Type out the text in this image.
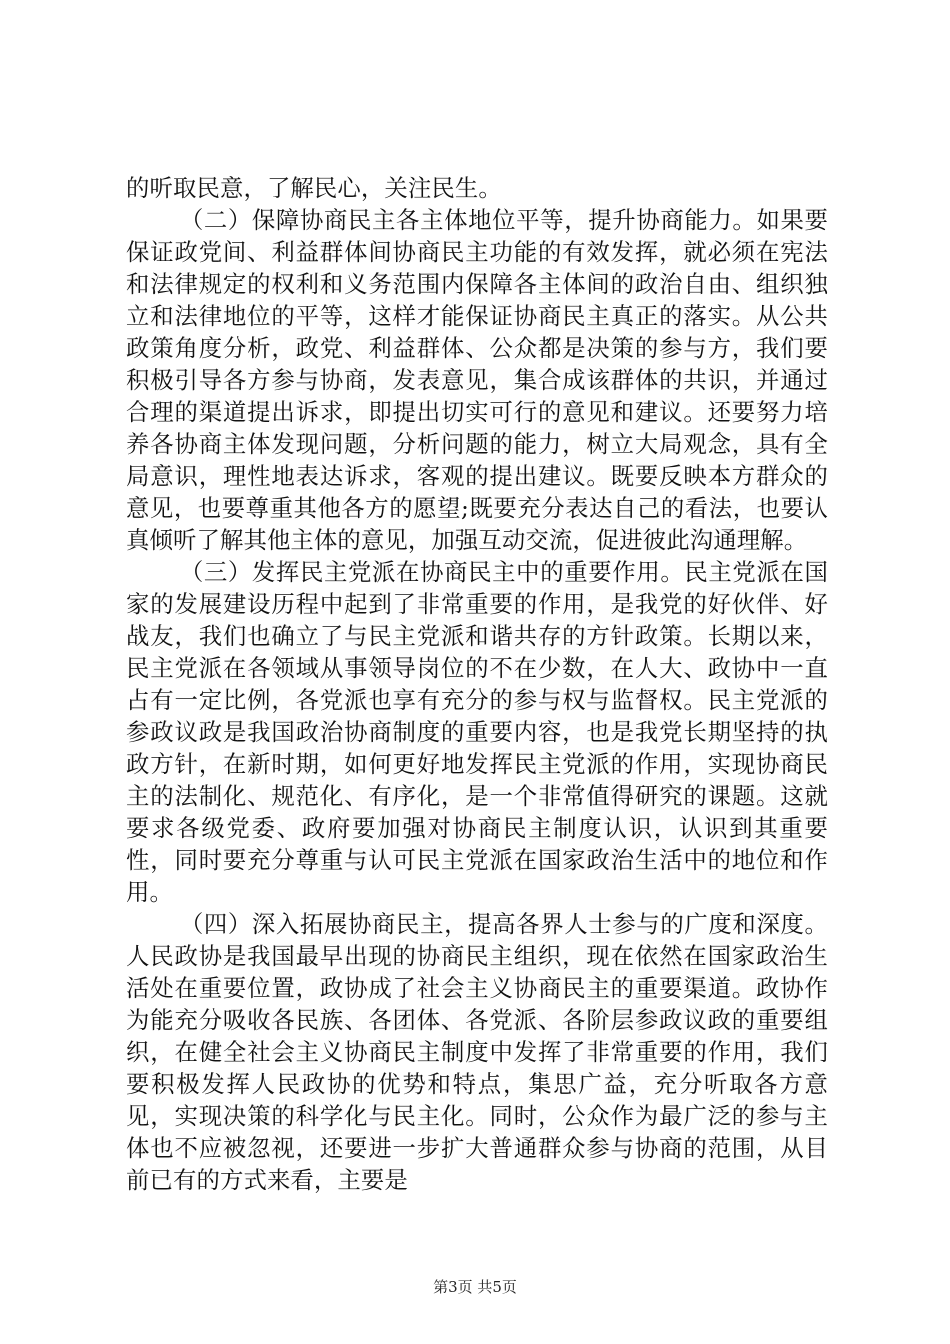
的听取民意，了解民心，关注民生。

（二）保障协商民主各主体地位平等，提升协商能力。如果要保证政党间、利益群体间协商民主功能的有效发挥，就必须在宪法和法律规定的权利和义务范围内保障各主体间的政治自由、组织独立和法律地位的平等，这样才能保证协商民主真正的落实。从公共政策角度分析，政党、利益群体、公众都是决策的参与方，我们要积极引导各方参与协商，发表意见，集合成该群体的共识，并通过合理的渠道提出诉求，即提出切实可行的意见和建议。还要努力培养各协商主体发现问题，分析问题的能力，树立大局观念，具有全局意识，理性地表达诉求，客观的提出建议。既要反映本方群众的意见，也要尊重其他各方的愿望;既要充分表达自己的看法，也要认真倾听了解其他主体的意见，加强互动交流，促进彼此沟通理解。

（三）发挥民主党派在协商民主中的重要作用。民主党派在国家的发展建设历程中起到了非常重要的作用，是我党的好伙伴、好战友，我们也确立了与民主党派和谐共存的方针政策。长期以来，民主党派在各领域从事领导岗位的不在少数，在人大、政协中一直占有一定比例，各党派也享有充分的参与权与监督权。民主党派的参政议政是我国政治协商制度的重要内容，也是我党长期坚持的执政方针，在新时期，如何更好地发挥民主党派的作用，实现协商民主的法制化、规范化、有序化，是一个非常值得研究的课题。这就要求各级党委、政府要加强对协商民主制度认识，认识到其重要性，同时要充分尊重与认可民主党派在国家政治生活中的地位和作用。

（四）深入拓展协商民主，提高各界人士参与的广度和深度。人民政协是我国最早出现的协商民主组织，现在依然在国家政治生活处在重要位置，政协成了社会主义协商民主的重要渠道。政协作为能充分吸收各民族、各团体、各党派、各阶层参政议政的重要组织，在健全社会主义协商民主制度中发挥了非常重要的作用，我们要积极发挥人民政协的优势和特点，集思广益，充分听取各方意见，实现决策的科学化与民主化。同时，公众作为最广泛的参与主体也不应被忽视，还要进一步扩大普通群众参与协商的范围，从目前已有的方式来看，主要是

第3页 共5页
